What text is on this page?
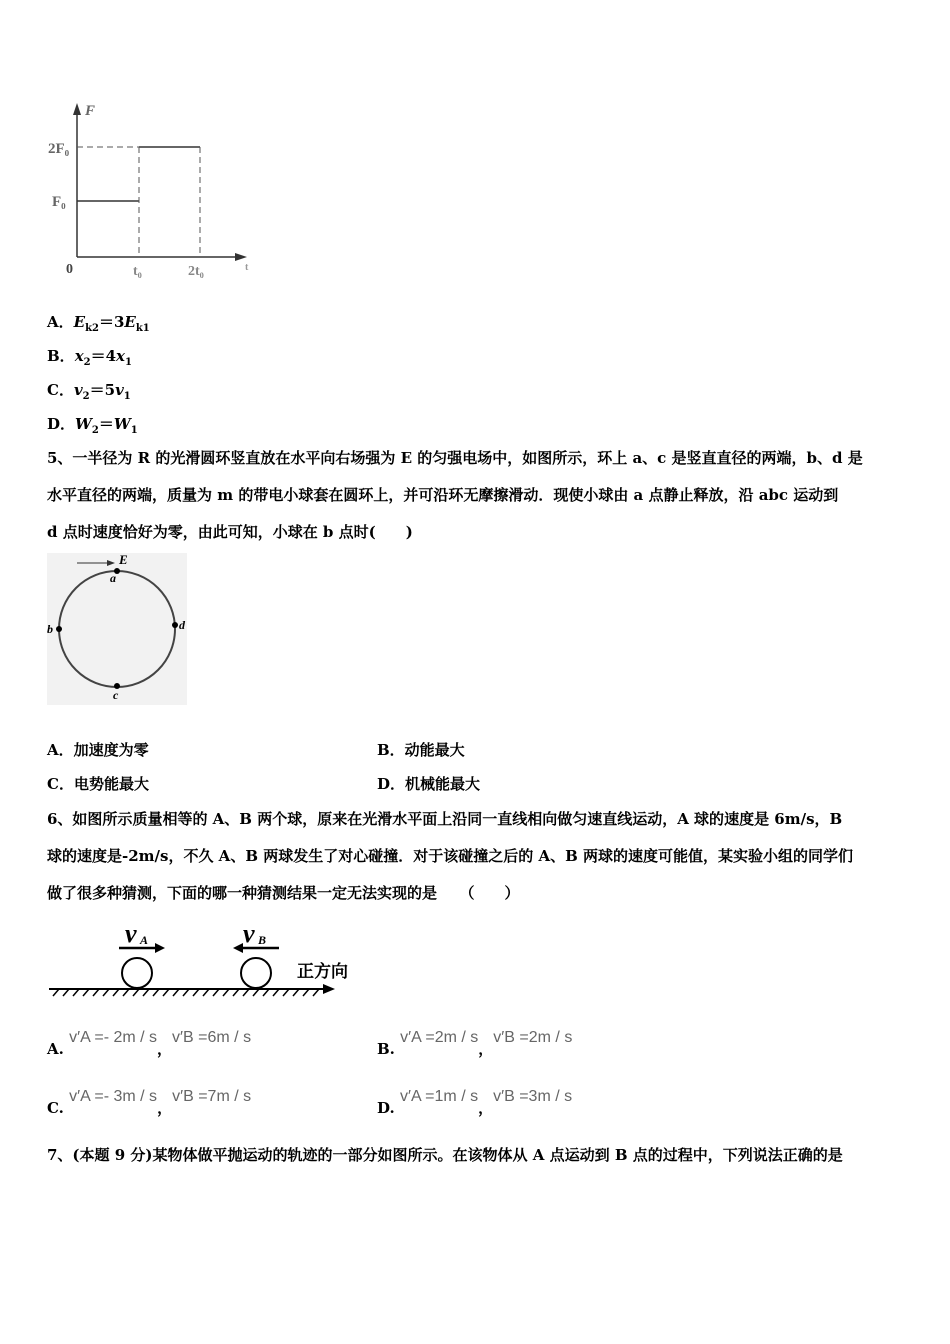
F
t
2F₀
F₀
0	t₀	2t₀
A．$E_{k2}=3E_{k1}$
B．$x_2=4x_1$
C．$v_2=5v_1$
D．$W_2=W_1$
5、一半径为 R 的光滑圆环竖直放在水平向右场强为 E 的匀强电场中，如图所示，环上 a、c 是竖直直径的两端，b、d 是
水平直径的两端，质量为 m 的带电小球套在圆环上，并可沿环无摩擦滑动．现使小球由 a 点静止释放，沿 abc 运动到
d 点时速度恰好为零，由此可知，小球在 b 点时(　　)
E
a
b	d
c
A．加速度为零	B．动能最大
C．电势能最大	D．机械能最大
6、如图所示质量相等的 A、B 两个球，原来在光滑水平面上沿同一直线相向做匀速直线运动，A 球的速度是 6m/s，B
球的速度是-2m/s，不久 A、B 两球发生了对心碰撞．对于该碰撞之后的 A、B 两球的速度可能值，某实验小组的同学们
做了很多种猜测，下面的哪一种猜测结果一定无法实现的是　　（　　）
v A	v B
正方向
A. v′A =- 2m / s，v′B =6m / s
B. v′A =2m / s，v′B =2m / s
C. v′A =- 3m / s，v′B =7m / s
D. v′A =1m / s，v′B =3m / s
7、(本题 9 分)某物体做平抛运动的轨迹的一部分如图所示。在该物体从 A 点运动到 B 点的过程中，下列说法正确的是
